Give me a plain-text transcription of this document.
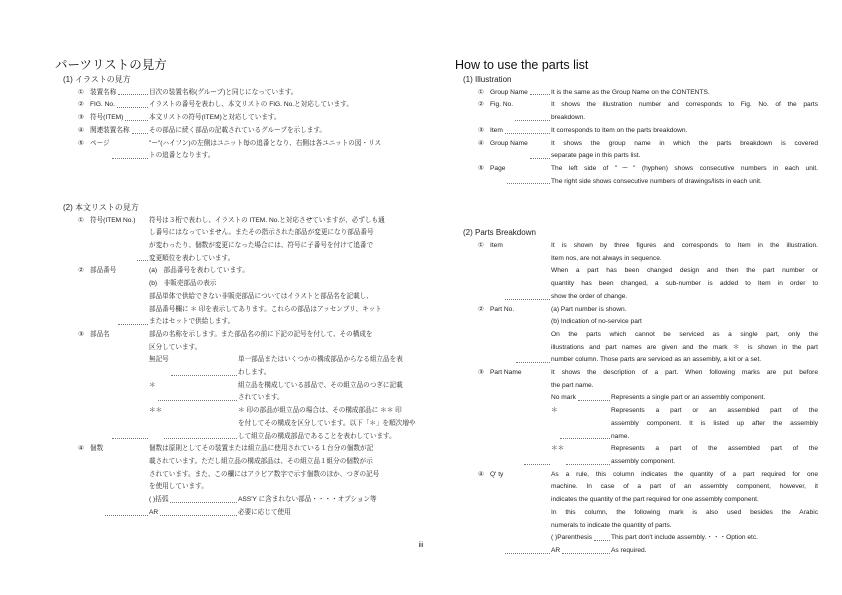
パーツリストの見方
(1) イラストの見方
① 装置名称	目次の装置名称(グループ)と同じになっています。
② FIG. No.	イラストの番号を表わし、本文リストの FIG. No.と対応しています。
③ 符号(ITEM)	本文リストの符号(ITEM)と対応しています。
④ 関連装置名称	その部品に続く部品の記載されているグループを示します。
⑤ ページ	"ー"(ハイフン)の左側はユニット毎の追番となり、右側は各ユニットの図・リス
トの追番となります。
(2) 本文リストの見方
① 符号(ITEM No.) 符号は３桁で表わし、イラストの ITEM. No.と対応させていますが、必ずしも通
し番号にはなっていません。またその指示された部品が変更になり部品番号
が変わったり、個数が変更になった場合には、符号に子番号を付けて追番で
変更順位を表わしています。
② 部品番号	(a)　部品番号を表わしています。
(b)　非販売部品の表示
部品単体で供給できない非販売部品についてはイラストと部品名を記載し、
部品番号欄に ＊ 印を表示してあります。これらの部品はアッセンブリ、キット
またはセットで供給します。
③ 部品名	部品の名称を示します。また部品名の前に下記の記号を付して、その構成を
区分しています。
無記号	単一部品またはいくつかの構成部品からなる組立品を表
わします。
＊	組立品を構成している部品で、その組立品のつぎに記載
されています。
＊＊	＊ 印の部品が組立品の場合は、その構成部品に ＊＊ 印
を付してその構成を区分しています。以下「＊」を順次増や
して組立品の構成部品であることを表わしています。
④ 個数	個数は原則としてその装置または組立品に使用されている１台分の個数が記
載されています。ただし組立品の構成部品は、その組立品１組分の個数が示
されています。また、この欄にはアラビア数字で示す個数のほか、つぎの記号
を使用しています。
( )括弧	ASS'Y に含まれない部品・・・・オプション等
AR	必要に応じて使用
How to use the parts list
(1) Illustration
① Group Name	It is the same as the Group Name on the CONTENTS.
② Fig. No.	It shows the illustration number and corresponds to Fig. No. of the parts
breakdown.
③ Item	It corresponds to Item on the parts breakdown.
④ Group Name	It shows the group name in which the parts breakdown is covered
separate page in this parts list.
⑤ Page	The left side of "ー" (hyphen) shows consecutive numbers in each unit.
The right side shows consecutive numbers of drawings/lists in each unit.
(2) Parts Breakdown
① Item	It is shown by three figures and corresponds to Item in the illustration.
Item nos, are not always in sequence.
When a part has been changed design and then the part number or
quantity has been changed, a sub-number is added to Item in order to
show the order of change.
② Part No.	(a) Part number is shown.
(b) Indication of no-service part
On the parts which cannot be serviced as a single part, only the
illustrations and part names are given and the mark ＊ is shown in the part
number column. Those parts are serviced as an assembly, a kit or a set.
③ Part Name	It shows the description of a part. When following marks are put before
the part name.
No mark	Represents a single part or an assembly component.
＊	Represents a part or an assembled part of the
assembly component. It is listed up after the assembly
name.
＊＊	Represents a part of the assembled part of the
assembly component.
④ Q' ty	As a rule, this column indicates the quantity of a part required for one
machine. In case of a part of an assembly component, however, it
indicates the quantity of the part required for one assembly component.
In this column, the following mark is also used besides the Arabic
numerals to indicate the quantity of parts.
( )Parenthesis	This part don't include assembly.・・・Option etc.
AR	As required.
iii
